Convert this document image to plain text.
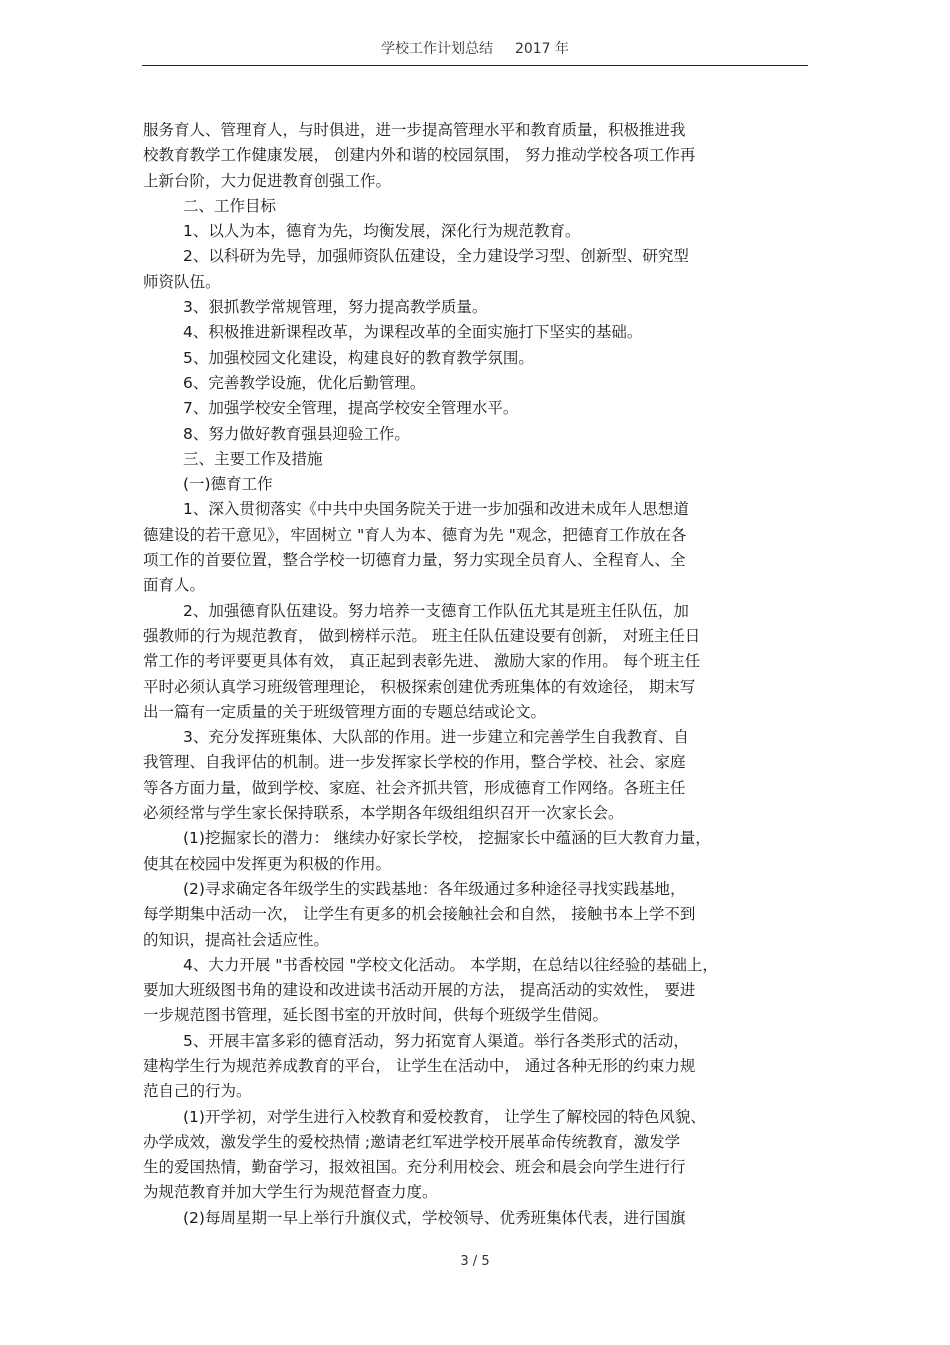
学校工作计划总结 2017 年
服务育人、管理育人，与时俱进，进一步提高管理水平和教育质量，积极推进我
校教育教学工作健康发展， 创建内外和谐的校园氛围， 努力推动学校各项工作再
上新台阶，大力促进教育创强工作。
二、工作目标
1、以人为本，德育为先，均衡发展，深化行为规范教育。
2、以科研为先导，加强师资队伍建设，全力建设学习型、创新型、研究型
师资队伍。
3、狠抓教学常规管理，努力提高教学质量。
4、积极推进新课程改革，为课程改革的全面实施打下坚实的基础。
5、加强校园文化建设，构建良好的教育教学氛围。
6、完善教学设施，优化后勤管理。
7、加强学校安全管理，提高学校安全管理水平。
8、努力做好教育强县迎验工作。
三、主要工作及措施
(一)德育工作
1、深入贯彻落实《中共中央国务院关于进一步加强和改进未成年人思想道
德建设的若干意见》，牢固树立 "育人为本、德育为先 "观念，把德育工作放在各
项工作的首要位置，整合学校一切德育力量，努力实现全员育人、全程育人、全
面育人。
2、加强德育队伍建设。努力培养一支德育工作队伍尤其是班主任队伍，加
强教师的行为规范教育， 做到榜样示范。 班主任队伍建设要有创新， 对班主任日
常工作的考评要更具体有效， 真正起到表彰先进、 激励大家的作用。 每个班主任
平时必须认真学习班级管理理论， 积极探索创建优秀班集体的有效途径， 期末写
出一篇有一定质量的关于班级管理方面的专题总结或论文。
3、充分发挥班集体、大队部的作用。进一步建立和完善学生自我教育、自
我管理、自我评估的机制。进一步发挥家长学校的作用，整合学校、社会、家庭
等各方面力量，做到学校、家庭、社会齐抓共管，形成德育工作网络。各班主任
必须经常与学生家长保持联系，本学期各年级组组织召开一次家长会。
(1)挖掘家长的潜力： 继续办好家长学校， 挖掘家长中蕴涵的巨大教育力量，
使其在校园中发挥更为积极的作用。
(2)寻求确定各年级学生的实践基地：各年级通过多种途径寻找实践基地，
每学期集中活动一次， 让学生有更多的机会接触社会和自然， 接触书本上学不到
的知识，提高社会适应性。
4、大力开展 "书香校园 "学校文化活动。 本学期，在总结以往经验的基础上，
要加大班级图书角的建设和改进读书活动开展的方法， 提高活动的实效性， 要进
一步规范图书管理，延长图书室的开放时间，供每个班级学生借阅。
5、开展丰富多彩的德育活动，努力拓宽育人渠道。举行各类形式的活动，
建构学生行为规范养成教育的平台， 让学生在活动中， 通过各种无形的约束力规
范自己的行为。
(1)开学初，对学生进行入校教育和爱校教育， 让学生了解校园的特色风貌、
办学成效，激发学生的爱校热情 ;邀请老红军进学校开展革命传统教育，激发学
生的爱国热情，勤奋学习，报效祖国。充分利用校会、班会和晨会向学生进行行
为规范教育并加大学生行为规范督查力度。
(2)每周星期一早上举行升旗仪式，学校领导、优秀班集体代表，进行国旗
3 / 5
